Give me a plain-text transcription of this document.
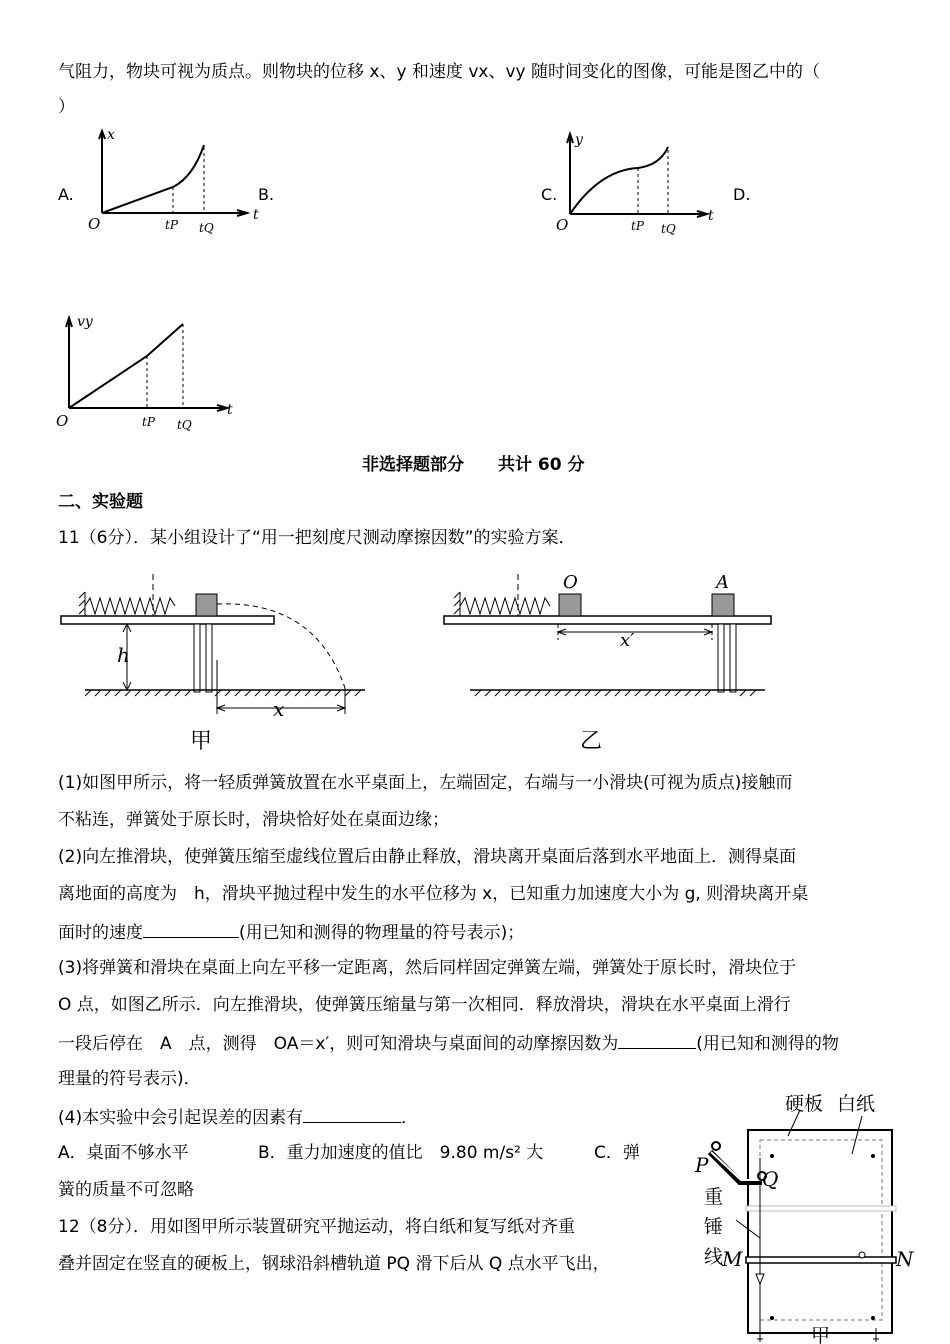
气阻力，物块可视为质点。则物块的位移 x、y 和速度 vx、vy 随时间变化的图像，可能是图乙中的（
）
A.	B.	C.	D.
x
t
O	tP tQ
y
t
O	tP tQ
vy
t
O	tP tQ
非选择题部分　　共计 60 分
二、实验题
11（6分）．某小组设计了“用一把刻度尺测动摩擦因数”的实验方案．
h
x
甲
O	A
x′
乙
(1)如图甲所示，将一轻质弹簧放置在水平桌面上，左端固定，右端与一小滑块(可视为质点)接触而
不粘连，弹簧处于原长时，滑块恰好处在桌面边缘；
(2)向左推滑块，使弹簧压缩至虚线位置后由静止释放，滑块离开桌面后落到水平地面上．测得桌面
离地面的高度为　h，滑块平抛过程中发生的水平位移为 x，已知重力加速度大小为 g, 则滑块离开桌
面时的速度	(用已知和测得的物理量的符号表示)；
(3)将弹簧和滑块在桌面上向左平移一定距离，然后同样固定弹簧左端，弹簧处于原长时，滑块位于
O 点，如图乙所示．向左推滑块，使弹簧压缩量与第一次相同．释放滑块，滑块在水平桌面上滑行
一段后停在　A　点，测得　OA＝x′，则可知滑块与桌面间的动摩擦因数为	(用已知和测得的物
理量的符号表示)．
(4)本实验中会引起误差的因素有	．
A．桌面不够水平	B．重力加速度的值比　9.80 m/s² 大	C．弹
簧的质量不可忽略
12（8分）．用如图甲所示装置研究平抛运动，将白纸和复写纸对齐重
叠并固定在竖直的硬板上，钢球沿斜槽轨道 PQ 滑下后从 Q 点水平飞出，
硬板 白纸
P
Q
重
锤
线
M	N
甲
